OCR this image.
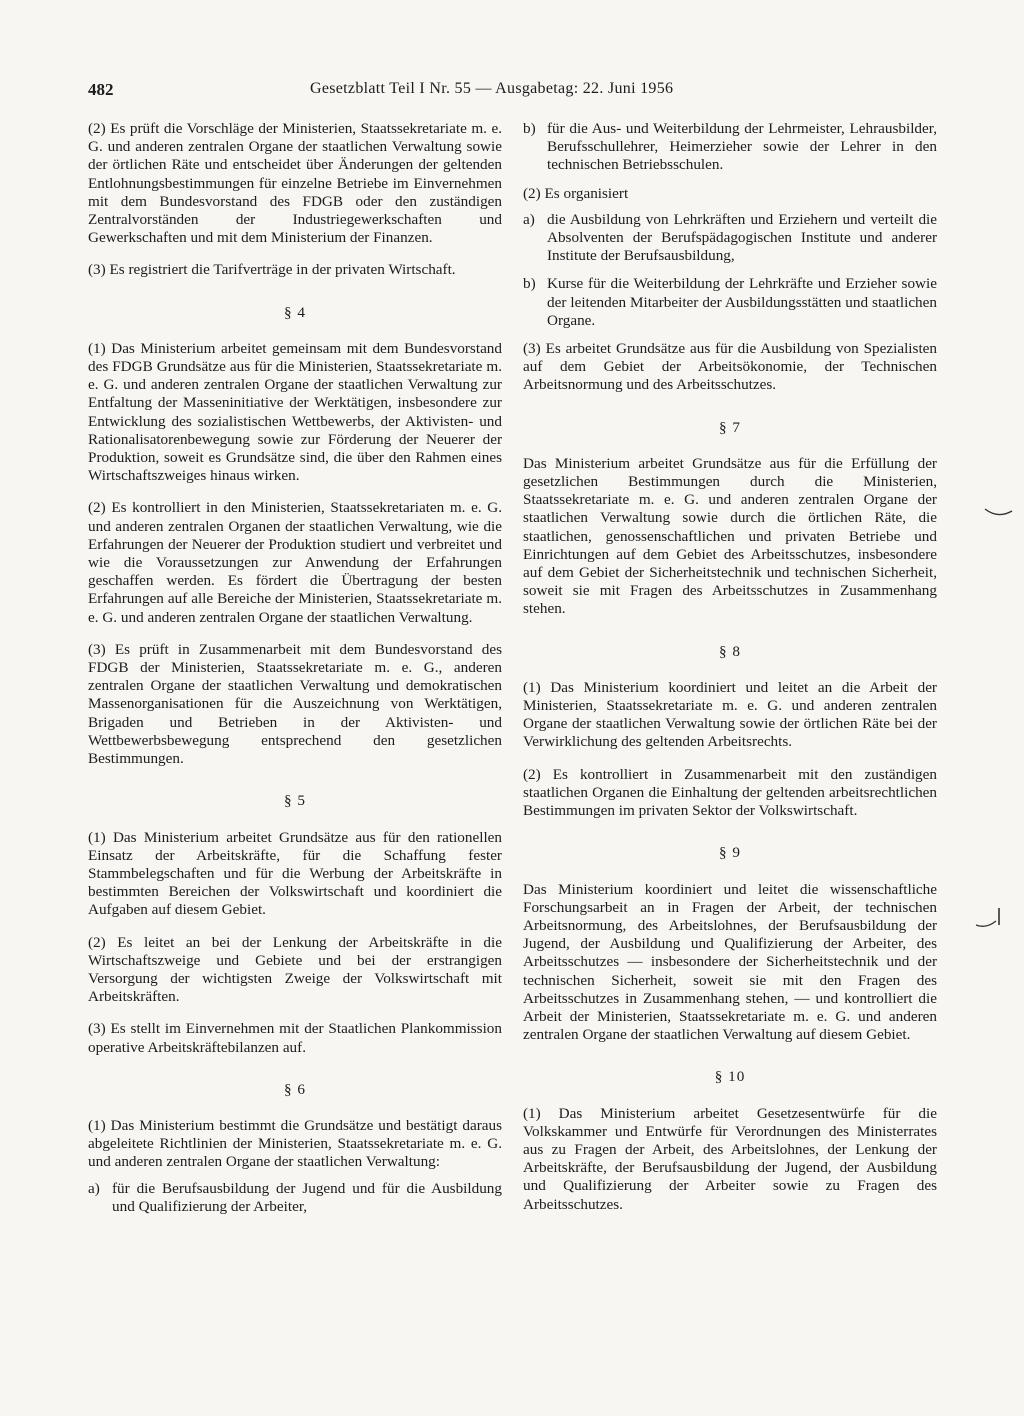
482	Gesetzblatt Teil I Nr. 55 — Ausgabetag: 22. Juni 1956

(2) Es prüft die Vorschläge der Ministerien, Staatssekretariate m. e. G. und anderen zentralen Organe der staatlichen Verwaltung sowie der örtlichen Räte und entscheidet über Änderungen der geltenden Entlohnungsbestimmungen für einzelne Betriebe im Einvernehmen mit dem Bundesvorstand des FDGB oder den zuständigen Zentralvorständen der Industriegewerkschaften und Gewerkschaften und mit dem Ministerium der Finanzen.

(3) Es registriert die Tarifverträge in der privaten Wirtschaft.

§ 4

(1) Das Ministerium arbeitet gemeinsam mit dem Bundesvorstand des FDGB Grundsätze aus für die Ministerien, Staatssekretariate m. e. G. und anderen zentralen Organe der staatlichen Verwaltung zur Entfaltung der Masseninitiative der Werktätigen, insbesondere zur Entwicklung des sozialistischen Wettbewerbs, der Aktivisten- und Rationalisatorenbewegung sowie zur Förderung der Neuerer der Produktion, soweit es Grundsätze sind, die über den Rahmen eines Wirtschaftszweiges hinaus wirken.

(2) Es kontrolliert in den Ministerien, Staatssekretariaten m. e. G. und anderen zentralen Organen der staatlichen Verwaltung, wie die Erfahrungen der Neuerer der Produktion studiert und verbreitet und wie die Voraussetzungen zur Anwendung der Erfahrungen geschaffen werden. Es fördert die Übertragung der besten Erfahrungen auf alle Bereiche der Ministerien, Staatssekretariate m. e. G. und anderen zentralen Organe der staatlichen Verwaltung.

(3) Es prüft in Zusammenarbeit mit dem Bundesvorstand des FDGB der Ministerien, Staatssekretariate m. e. G., anderen zentralen Organe der staatlichen Verwaltung und demokratischen Massenorganisationen für die Auszeichnung von Werktätigen, Brigaden und Betrieben in der Aktivisten- und Wettbewerbsbewegung entsprechend den gesetzlichen Bestimmungen.

§ 5

(1) Das Ministerium arbeitet Grundsätze aus für den rationellen Einsatz der Arbeitskräfte, für die Schaffung fester Stammbelegschaften und für die Werbung der Arbeitskräfte in bestimmten Bereichen der Volkswirtschaft und koordiniert die Aufgaben auf diesem Gebiet.

(2) Es leitet an bei der Lenkung der Arbeitskräfte in die Wirtschaftszweige und Gebiete und bei der erstrangigen Versorgung der wichtigsten Zweige der Volkswirtschaft mit Arbeitskräften.

(3) Es stellt im Einvernehmen mit der Staatlichen Plankommission operative Arbeitskräftebilanzen auf.

§ 6

(1) Das Ministerium bestimmt die Grundsätze und bestätigt daraus abgeleitete Richtlinien der Ministerien, Staatssekretariate m. e. G. und anderen zentralen Organe der staatlichen Verwaltung:

a) für die Berufsausbildung der Jugend und für die Ausbildung und Qualifizierung der Arbeiter,
b) für die Aus- und Weiterbildung der Lehrmeister, Lehrausbilder, Berufsschullehrer, Heimerzieher sowie der Lehrer in den technischen Betriebsschulen.

(2) Es organisiert

a) die Ausbildung von Lehrkräften und Erziehern und verteilt die Absolventen der Berufspädagogischen Institute und anderer Institute der Berufsausbildung,
b) Kurse für die Weiterbildung der Lehrkräfte und Erzieher sowie der leitenden Mitarbeiter der Ausbildungsstätten und staatlichen Organe.

(3) Es arbeitet Grundsätze aus für die Ausbildung von Spezialisten auf dem Gebiet der Arbeitsökonomie, der Technischen Arbeitsnormung und des Arbeitsschutzes.

§ 7

Das Ministerium arbeitet Grundsätze aus für die Erfüllung der gesetzlichen Bestimmungen durch die Ministerien, Staatssekretariate m. e. G. und anderen zentralen Organe der staatlichen Verwaltung sowie durch die örtlichen Räte, die staatlichen, genossenschaftlichen und privaten Betriebe und Einrichtungen auf dem Gebiet des Arbeitsschutzes, insbesondere auf dem Gebiet der Sicherheitstechnik und technischen Sicherheit, soweit sie mit Fragen des Arbeitsschutzes in Zusammenhang stehen.

§ 8

(1) Das Ministerium koordiniert und leitet an die Arbeit der Ministerien, Staatssekretariate m. e. G. und anderen zentralen Organe der staatlichen Verwaltung sowie der örtlichen Räte bei der Verwirklichung des geltenden Arbeitsrechts.

(2) Es kontrolliert in Zusammenarbeit mit den zuständigen staatlichen Organen die Einhaltung der geltenden arbeitsrechtlichen Bestimmungen im privaten Sektor der Volkswirtschaft.

§ 9

Das Ministerium koordiniert und leitet die wissenschaftliche Forschungsarbeit an in Fragen der Arbeit, der technischen Arbeitsnormung, des Arbeitslohnes, der Berufsausbildung der Jugend, der Ausbildung und Qualifizierung der Arbeiter, des Arbeitsschutzes — insbesondere der Sicherheitstechnik und der technischen Sicherheit, soweit sie mit den Fragen des Arbeitsschutzes in Zusammenhang stehen, — und kontrolliert die Arbeit der Ministerien, Staatssekretariate m. e. G. und anderen zentralen Organe der staatlichen Verwaltung auf diesem Gebiet.

§ 10

(1) Das Ministerium arbeitet Gesetzesentwürfe für die Volkskammer und Entwürfe für Verordnungen des Ministerrates aus zu Fragen der Arbeit, des Arbeitslohnes, der Lenkung der Arbeitskräfte, der Berufsausbildung der Jugend, der Ausbildung und Qualifizierung der Arbeiter sowie zu Fragen des Arbeitsschutzes.
